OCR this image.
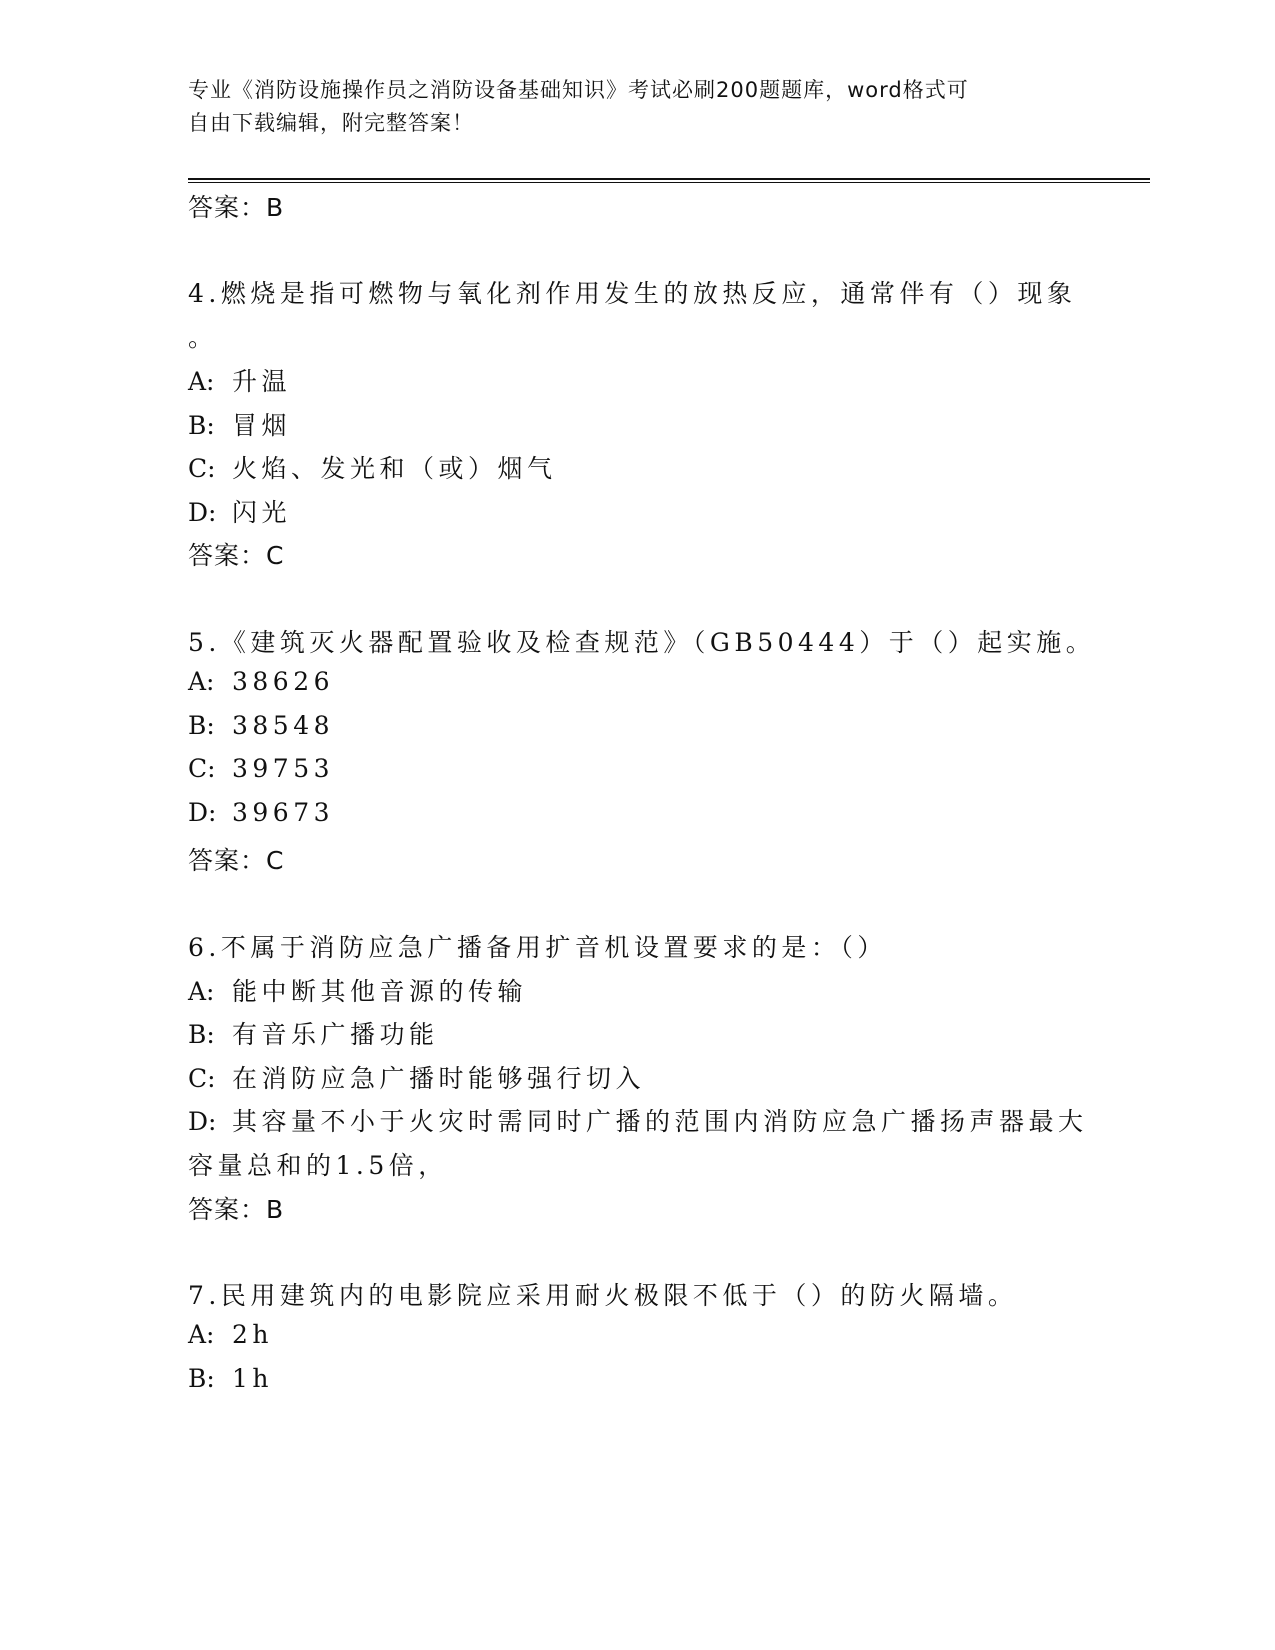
专业《消防设施操作员之消防设备基础知识》考试必刷200题题库，word格式可
自由下载编辑，附完整答案！
答案：B
4.燃烧是指可燃物与氧化剂作用发生的放热反应，通常伴有（）现象
。
A: 升温
B: 冒烟
C: 火焰、发光和（或）烟气
D: 闪光
答案：C
5.《建筑灭火器配置验收及检查规范》（GB50444）于（）起实施。
A: 38626
B: 38548
C: 39753
D: 39673
答案：C
6.不属于消防应急广播备用扩音机设置要求的是：（）
A: 能中断其他音源的传输
B: 有音乐广播功能
C: 在消防应急广播时能够强行切入
D: 其容量不小于火灾时需同时广播的范围内消防应急广播扬声器最大
容量总和的1.5倍，
答案：B
7.民用建筑内的电影院应采用耐火极限不低于（）的防火隔墙。
A: 2h
B: 1h
